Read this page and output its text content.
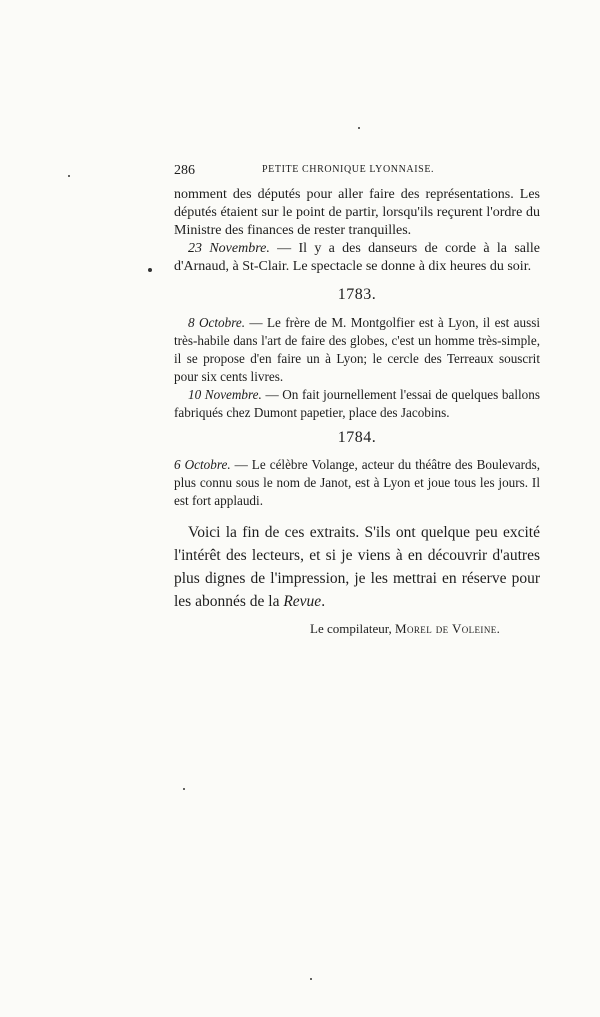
286	PETITE CHRONIQUE LYONNAISE.

nomment des députés pour aller faire des représentations. Les députés étaient sur le point de partir, lorsqu'ils reçurent l'ordre du Ministre des finances de rester tranquilles.

23 Novembre. — Il y a des danseurs de corde à la salle d'Arnaud, à St-Clair. Le spectacle se donne à dix heures du soir.

1783.

8 Octobre. — Le frère de M. Montgolfier est à Lyon, il est aussi très-habile dans l'art de faire des globes, c'est un homme très-simple, il se propose d'en faire un à Lyon; le cercle des Terreaux souscrit pour six cents livres.

10 Novembre. — On fait journellement l'essai de quelques ballons fabriqués chez Dumont papetier, place des Jacobins.

1784.

6 Octobre. — Le célèbre Volange, acteur du théâtre des Boulevards, plus connu sous le nom de Janot, est à Lyon et joue tous les jours. Il est fort applaudi.

Voici la fin de ces extraits. S'ils ont quelque peu excité l'intérêt des lecteurs, et si je viens à en découvrir d'autres plus dignes de l'impression, je les mettrai en réserve pour les abonnés de la Revue.

Le compilateur, Morel de Voleine.
